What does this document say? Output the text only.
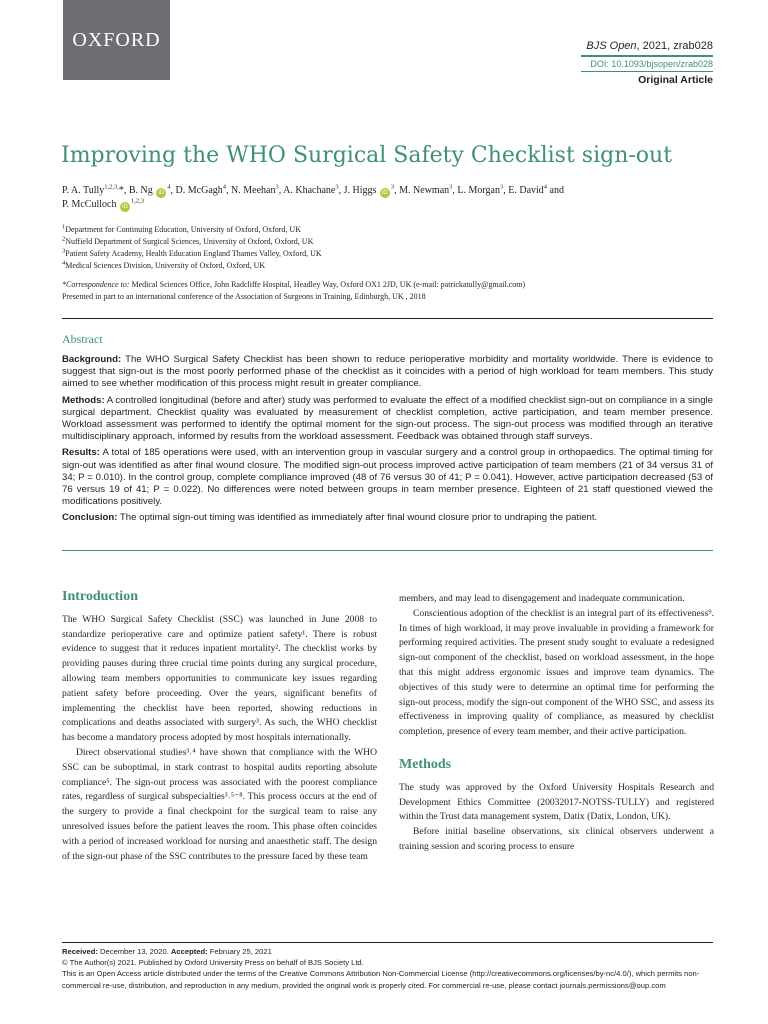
OXFORD	BJS Open, 2021, zrab028
DOI: 10.1093/bjsopen/zrab028
Original Article
Improving the WHO Surgical Safety Checklist sign-out
P. A. Tully$^{1,2,3,}$*, B. Ng $iD^4$, D. McGagh$^4$, N. Meehan$^3$, A. Khachane$^3$, J. Higgs $iD^3$, M. Newman$^3$, L. Morgan$^3$, E. David$^4$ and
P. McCulloch iD$^{1,2,3}$
$^1$Department for Continuing Education, University of Oxford, Oxford, UK
$^2$Nuffield Department of Surgical Sciences, University of Oxford, Oxford, UK
$^3$Patient Safety Academy, Health Education England Thames Valley, Oxford, UK
$^4$Medical Sciences Division, University of Oxford, Oxford, UK
*Correspondence to: Medical Sciences Office, John Radcliffe Hospital, Headley Way, Oxford OX1 2JD, UK (e-mail: patrickatully@gmail.com)
Presented in part to an international conference of the Association of Surgeons in Training, Edinburgh, UK , 2018
Abstract

Background: The WHO Surgical Safety Checklist has been shown to reduce perioperative morbidity and mortality worldwide. There is evidence to suggest that sign-out is the most poorly performed phase of the checklist as it coincides with a period of high workload for team members. This study aimed to see whether modification of this process might result in greater compliance.

Methods: A controlled longitudinal (before and after) study was performed to evaluate the effect of a modified checklist sign-out on compliance in a single surgical department. Checklist quality was evaluated by measurement of checklist completion, active participation, and team member presence. Workload assessment was performed to identify the optimal moment for the sign-out process. The sign-out process was modified through an iterative multidisciplinary approach, informed by results from the workload assessment. Feedback was obtained through staff surveys.

Results: A total of 185 operations were used, with an intervention group in vascular surgery and a control group in orthopaedics. The optimal timing for sign-out was identified as after final wound closure. The modified sign-out process improved active participation of team members (21 of 34 versus 31 of 34; P = 0.010). In the control group, complete compliance improved (48 of 76 versus 30 of 41; P = 0.041). However, active participation decreased (53 of 76 versus 19 of 41; P = 0.022). No differences were noted between groups in team member presence. Eighteen of 21 staff questioned viewed the modifications positively.

Conclusion: The optimal sign-out timing was identified as immediately after final wound closure prior to undraping the patient.

Introduction

The WHO Surgical Safety Checklist (SSC) was launched in June 2008 to standardize perioperative care and optimize patient safety¹. There is robust evidence to suggest that it reduces inpatient mortality². The checklist works by providing pauses during three crucial time points during any surgical procedure, allowing team members opportunities to communicate key issues regarding patient safety before proceeding. Over the years, significant benefits of implementing the checklist have been reported, showing reductions in complications and deaths associated with surgery³. As such, the WHO checklist has become a mandatory process adopted by most hospitals internationally.

Direct observational studies³˒⁴ have shown that compliance with the WHO SSC can be suboptimal, in stark contrast to hospital audits reporting absolute compliance⁵. The sign-out process was associated with the poorest compliance rates, regardless of surgical subspecialties³˒⁵⁻⁸. This process occurs at the end of the surgery to provide a final checkpoint for the surgical team to raise any unresolved issues before the patient leaves the room. This phase often coincides with a period of increased workload for nursing and anaesthetic staff. The design of the sign-out phase of the SSC contributes to the pressure faced by these team

members, and may lead to disengagement and inadequate communication.

Conscientious adoption of the checklist is an integral part of its effectiveness⁹. In times of high workload, it may prove invaluable in providing a framework for performing required activities. The present study sought to evaluate a redesigned sign-out component of the checklist, based on workload assessment, in the hope that this might address ergonomic issues and improve team dynamics. The objectives of this study were to determine an optimal time for performing the sign-out process, modify the sign-out component of the WHO SSC, and assess its effectiveness in improving quality of compliance, as measured by checklist completion, presence of every team member, and their active participation.

Methods

The study was approved by the Oxford University Hospitals Research and Development Ethics Committee (20032017-NOTSS-TULLY) and registered within the Trust data management system, Datix (Datix, London, UK).

Before initial baseline observations, six clinical observers underwent a training session and scoring process to ensure

Received: December 13, 2020. Accepted: February 25, 2021

© The Author(s) 2021. Published by Oxford University Press on behalf of BJS Society Ltd.

This is an Open Access article distributed under the terms of the Creative Commons Attribution Non-Commercial License (http://creativecommons.org/licenses/by-nc/4.0/), which permits non-commercial re-use, distribution, and reproduction in any medium, provided the original work is properly cited. For commercial re-use, please contact journals.permissions@oup.com
